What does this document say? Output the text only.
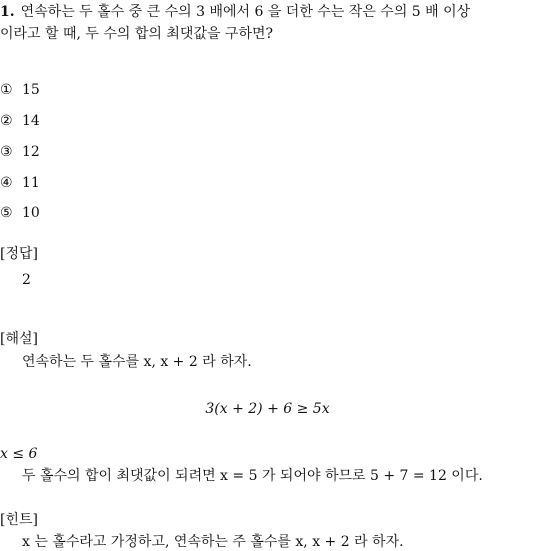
1. 연속하는 두 홀수 중 큰 수의 3 배에서 6 을 더한 수는 작은 수의 5 배 이상
이라고 할 때, 두 수의 합의 최댓값을 구하면?
① 15
② 14
③ 12
④ 11
⑤ 10
[정답]
2
[해설]
연속하는 두 홀수를 x, x + 2 라 하자.
3(x + 2) + 6 ≥ 5x
x ≤ 6
두 홀수의 합이 최댓값이 되려면 x = 5 가 되어야 하므로 5 + 7 = 12 이다.
[힌트]
x 는 홀수라고 가정하고, 연속하는 주 홀수를 x, x + 2 라 하자.
